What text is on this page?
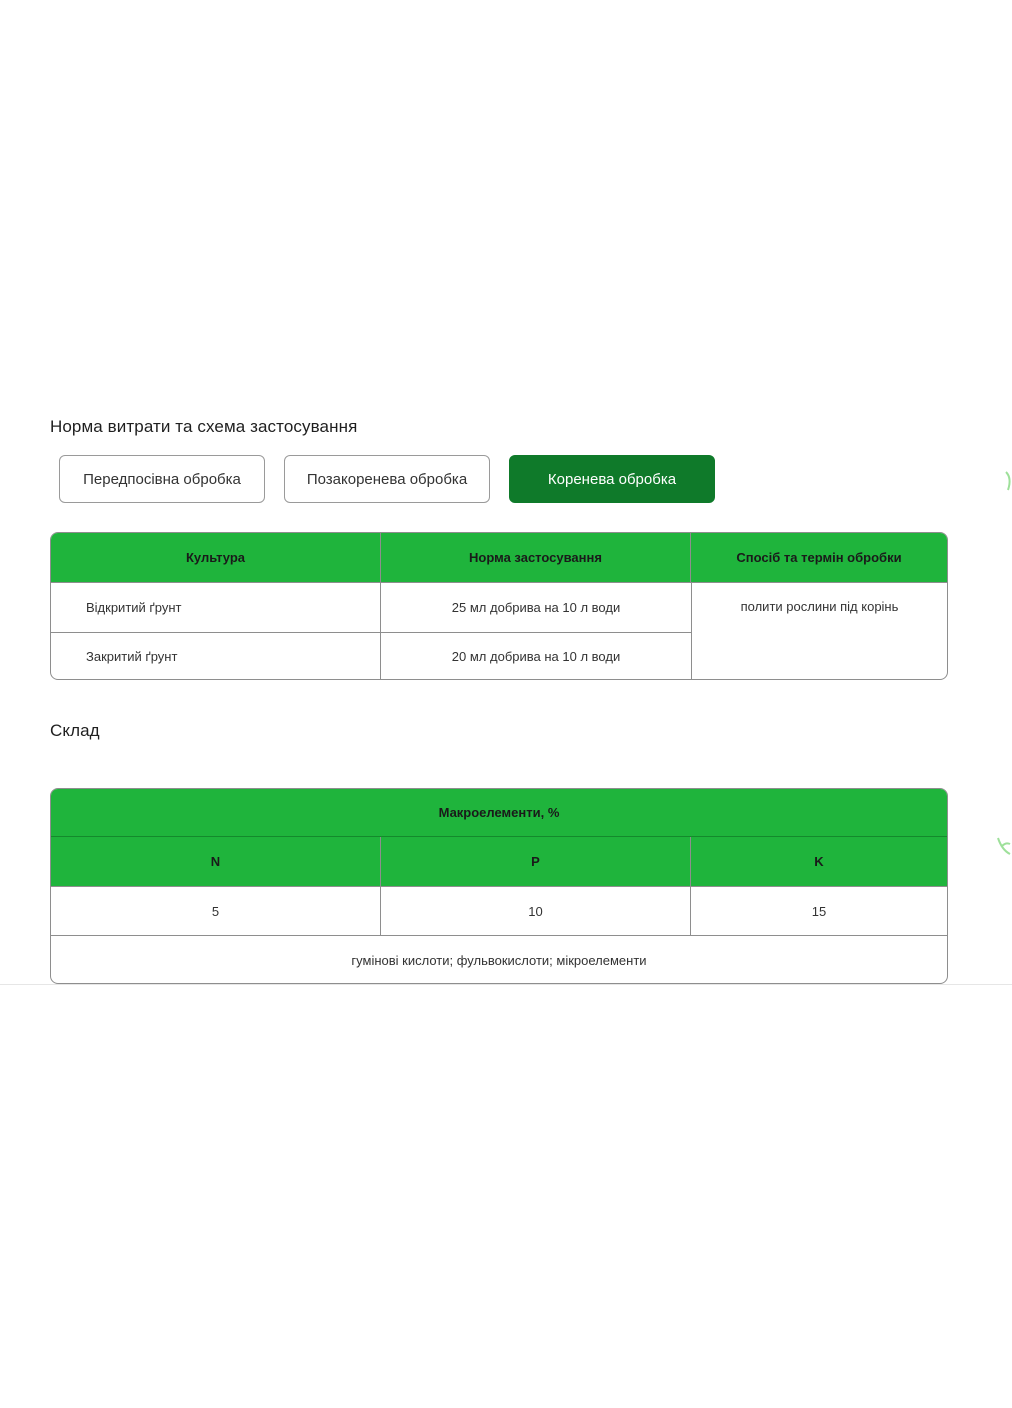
Норма витрати та схема застосування
Передпосівна обробка	Позакоренева обробка	Коренева обробка
Культура	Норма застосування	Спосіб та термін обробки
Відкритий ґрунт	25 мл добрива на 10 л води
Закритий ґрунт	20 мл добрива на 10 л води
полити рослини під корінь
Склад
Макроелементи, %
N	P	K
5	10	15
гумінові кислоти; фульвокислоти; мікроелементи
